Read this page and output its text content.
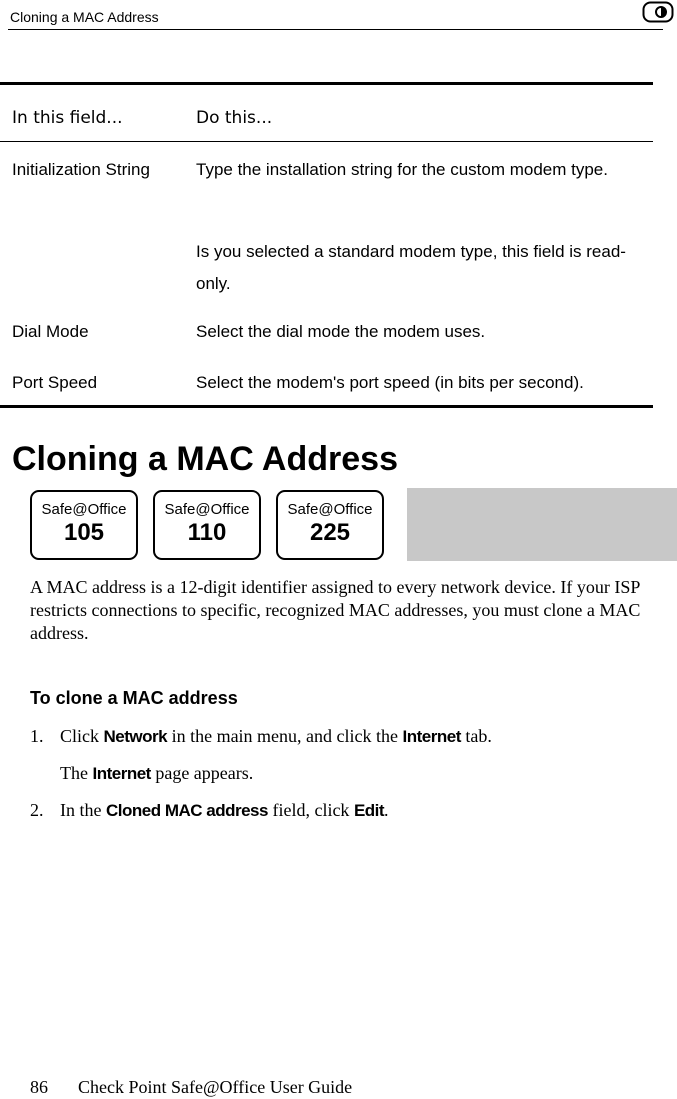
Cloning a MAC Address
In this field...	Do this...
Initialization String	Type the installation string for the custom modem type.
Is you selected a standard modem type, this field is read-only.
Dial Mode	Select the dial mode the modem uses.
Port Speed	Select the modem's port speed (in bits per second).
Cloning a MAC Address
Safe@Office
105
Safe@Office
110
Safe@Office
225
A MAC address is a 12-digit identifier assigned to every network device. If your ISP restricts connections to specific, recognized MAC addresses, you must clone a MAC address.
To clone a MAC address
1. Click Network in the main menu, and click the Internet tab.
The Internet page appears.
2. In the Cloned MAC address field, click Edit.
86 Check Point Safe@Office User Guide
